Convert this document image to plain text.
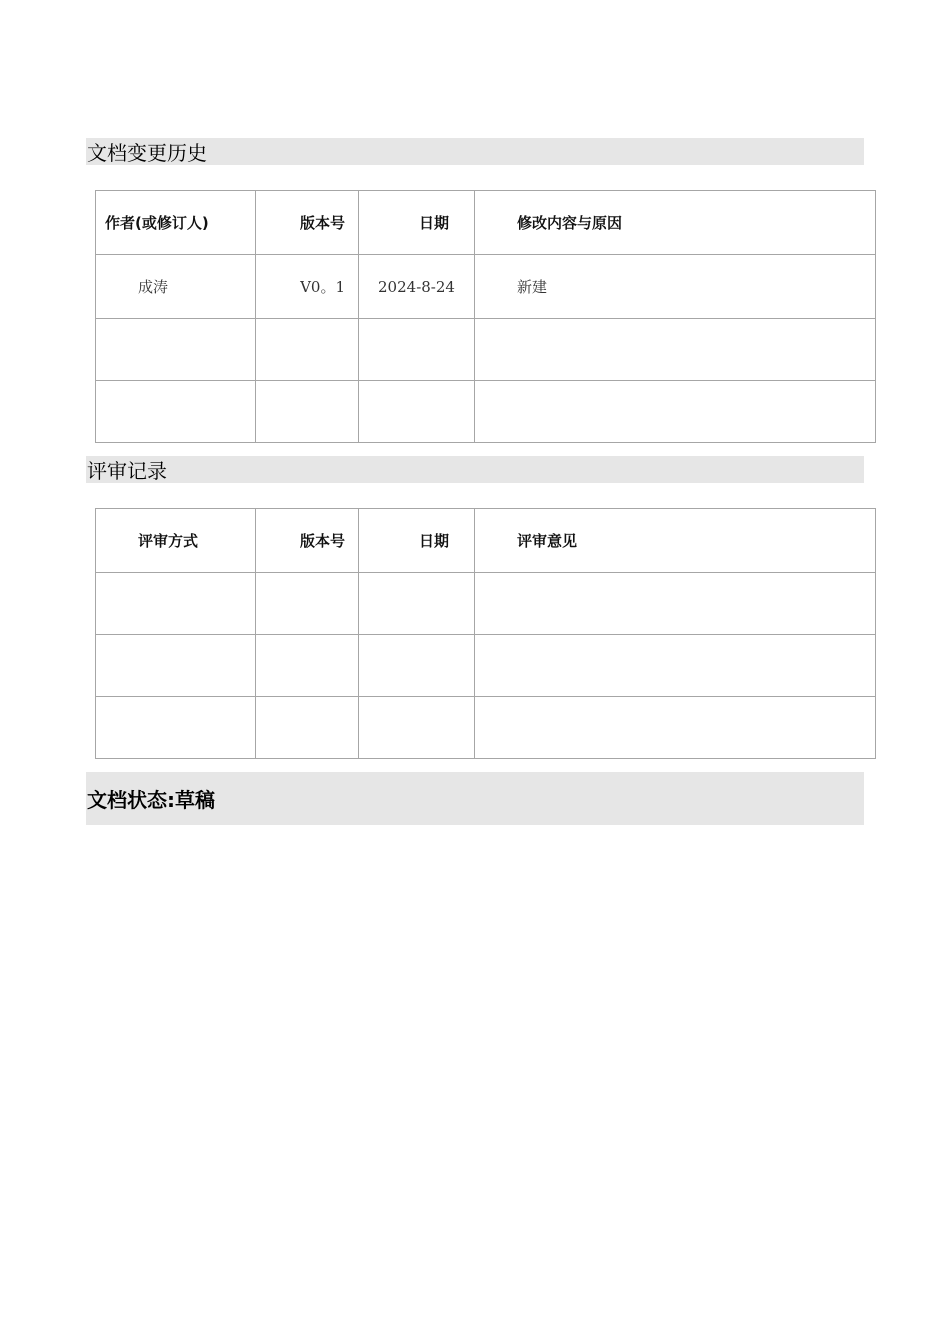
文档变更历史
作者(或修订人)	版本号	日期	修改内容与原因
成涛	V0。1	2024-8-24	新建

评审记录
评审方式	版本号	日期	评审意见

文档状态:草稿
